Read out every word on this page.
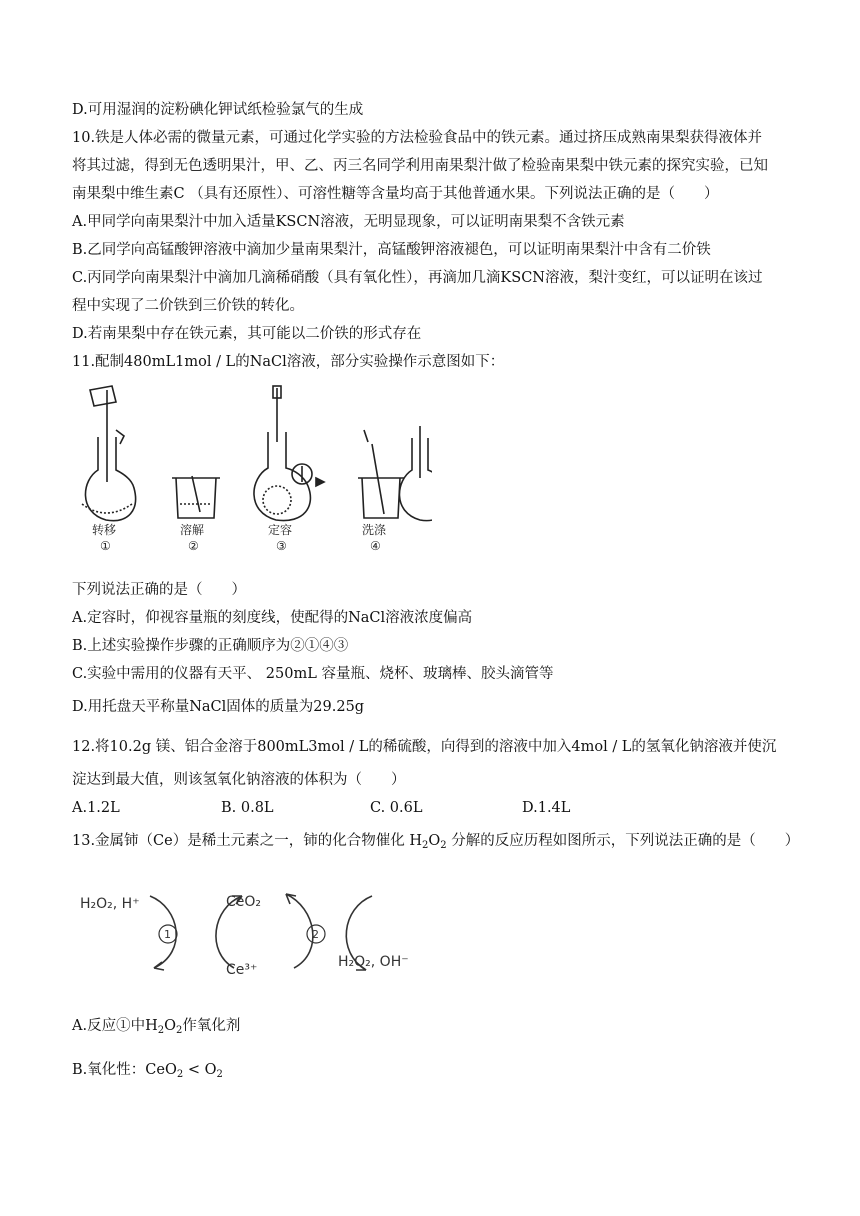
D.可用湿润的淀粉碘化钾试纸检验氯气的生成
10.铁是人体必需的微量元素，可通过化学实验的方法检验食品中的铁元素。通过挤压成熟南果梨获得液体并
将其过滤，得到无色透明果汁，甲、乙、丙三名同学利用南果梨汁做了检验南果梨中铁元素的探究实验，已知
南果梨中维生素C （具有还原性）、可溶性糖等含量均高于其他普通水果。下列说法正确的是（　　）
A.甲同学向南果梨汁中加入适量KSCN溶液，无明显现象，可以证明南果梨不含铁元素
B.乙同学向高锰酸钾溶液中滴加少量南果梨汁，高锰酸钾溶液褪色，可以证明南果梨汁中含有二价铁
C.丙同学向南果梨汁中滴加几滴稀硝酸（具有氧化性），再滴加几滴KSCN溶液，梨汁变红，可以证明在该过
程中实现了二价铁到三价铁的转化。
D.若南果梨中存在铁元素，其可能以二价铁的形式存在
11.配制480mL1mol / L的NaCl溶液，部分实验操作示意图如下：
转移
①
溶解
②
定容
③
洗涤
④
下列说法正确的是（　　）
A.定容时，仰视容量瓶的刻度线，使配得的NaCl溶液浓度偏高
B.上述实验操作步骤的正确顺序为②①④③
C.实验中需用的仪器有天平、 250mL 容量瓶、烧杯、玻璃棒、胶头滴管等
D.用托盘天平称量NaCl固体的质量为29.25g
12.将10.2g 镁、铝合金溶于800mL3mol / L的稀硫酸，向得到的溶液中加入4mol / L的氢氧化钠溶液并使沉
淀达到最大值，则该氢氧化钠溶液的体积为（　　）
A.1.2L	B. 0.8L	C. 0.6L	D.1.4L
13.金属铈（Ce）是稀土元素之一，铈的化合物催化 $H_2O_2$ 分解的反应历程如图所示，下列说法正确的是（　　）
1	2
H₂O₂, H⁺	CeO₂
Ce³⁺	H₂O₂, OH⁻
A.反应①中$H_2O_2$作氧化剂
B.氧化性：$CeO_2 < O_2$
